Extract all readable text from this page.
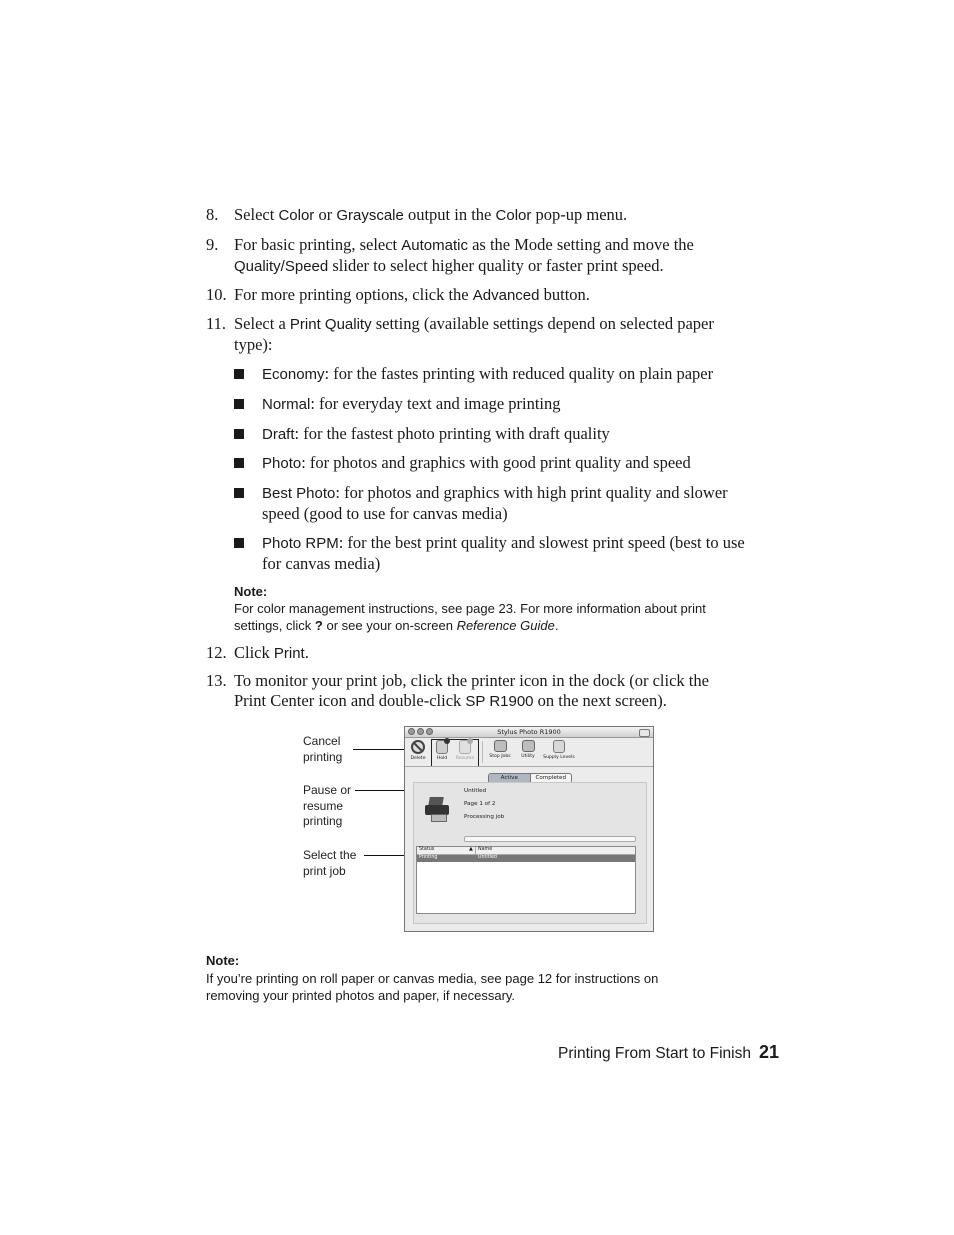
8. Select Color or Grayscale output in the Color pop-up menu.
9. For basic printing, select Automatic as the Mode setting and move the Quality/Speed slider to select higher quality or faster print speed.
10. For more printing options, click the Advanced button.
11. Select a Print Quality setting (available settings depend on selected paper type):
Economy: for the fastes printing with reduced quality on plain paper
Normal: for everyday text and image printing
Draft: for the fastest photo printing with draft quality
Photo: for photos and graphics with good print quality and speed
Best Photo: for photos and graphics with high print quality and slower speed (good to use for canvas media)
Photo RPM: for the best print quality and slowest print speed (best to use for canvas media)
Note:
For color management instructions, see page 23. For more information about print settings, click ? or see your on-screen Reference Guide.
12. Click Print.
13. To monitor your print job, click the printer icon in the dock (or click the Print Center icon and double-click SP R1900 on the next screen).
Cancel printing
Pause or resume printing
Select the print job
Stylus Photo R1900
Delete	Hold	Resume	Stop Jobs	Utility	Supply Levels
Active	Completed
Untitled
Page 1 of 2
Processing job
Status	▲ Name
Printing	Untitled
Note:
If you’re printing on roll paper or canvas media, see page 12 for instructions on removing your printed photos and paper, if necessary.
Printing From Start to Finish 21
